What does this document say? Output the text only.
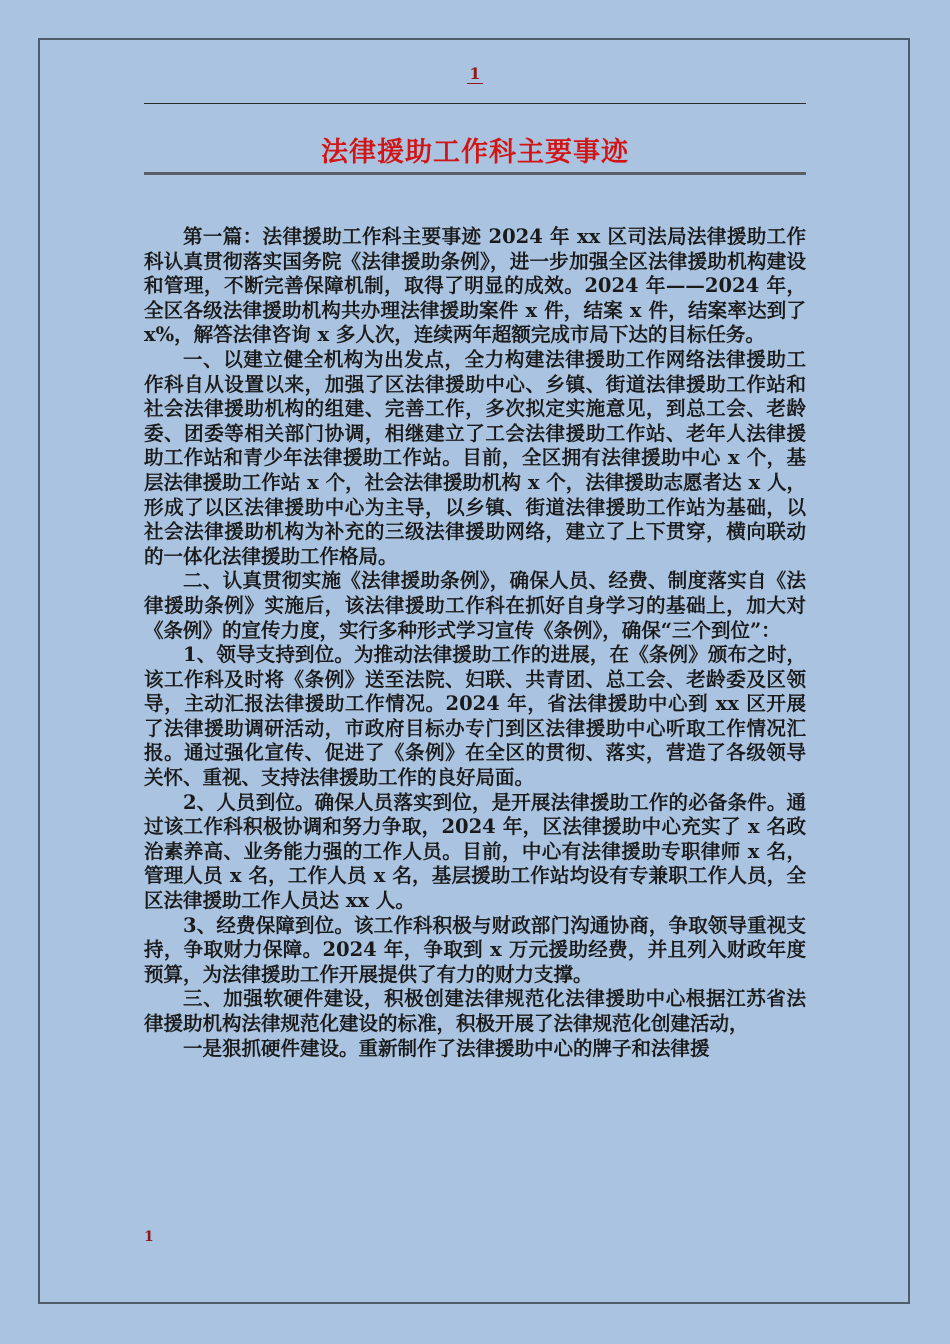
1
法律援助工作科主要事迹

第一篇：法律援助工作科主要事迹 2024 年 xx 区司法局法律援助工作科认真贯彻落实国务院《法律援助条例》，进一步加强全区法律援助机构建设和管理，不断完善保障机制，取得了明显的成效。2024 年——2024 年，全区各级法律援助机构共办理法律援助案件 x 件，结案 x 件，结案率达到了 x%，解答法律咨询 x 多人次，连续两年超额完成市局下达的目标任务。

一、以建立健全机构为出发点，全力构建法律援助工作网络法律援助工作科自从设置以来，加强了区法律援助中心、乡镇、街道法律援助工作站和社会法律援助机构的组建、完善工作，多次拟定实施意见，到总工会、老龄委、团委等相关部门协调，相继建立了工会法律援助工作站、老年人法律援助工作站和青少年法律援助工作站。目前，全区拥有法律援助中心 x 个，基层法律援助工作站 x 个，社会法律援助机构 x 个，法律援助志愿者达 x 人，形成了以区法律援助中心为主导，以乡镇、街道法律援助工作站为基础，以社会法律援助机构为补充的三级法律援助网络，建立了上下贯穿，横向联动的一体化法律援助工作格局。

二、认真贯彻实施《法律援助条例》，确保人员、经费、制度落实自《法律援助条例》实施后，该法律援助工作科在抓好自身学习的基础上，加大对《条例》的宣传力度，实行多种形式学习宣传《条例》，确保“三个到位”：

1、领导支持到位。为推动法律援助工作的进展，在《条例》颁布之时，该工作科及时将《条例》送至法院、妇联、共青团、总工会、老龄委及区领导，主动汇报法律援助工作情况。2024 年，省法律援助中心到 xx 区开展了法律援助调研活动，市政府目标办专门到区法律援助中心听取工作情况汇报。通过强化宣传、促进了《条例》在全区的贯彻、落实，营造了各级领导关怀、重视、支持法律援助工作的良好局面。

2、人员到位。确保人员落实到位，是开展法律援助工作的必备条件。通过该工作科积极协调和努力争取，2024 年，区法律援助中心充实了 x 名政治素养高、业务能力强的工作人员。目前，中心有法律援助专职律师 x 名，管理人员 x 名，工作人员 x 名，基层援助工作站均设有专兼职工作人员，全区法律援助工作人员达 xx 人。

3、经费保障到位。该工作科积极与财政部门沟通协商，争取领导重视支持，争取财力保障。2024 年，争取到 x 万元援助经费，并且列入财政年度预算，为法律援助工作开展提供了有力的财力支撑。

三、加强软硬件建设，积极创建法律规范化法律援助中心根据江苏省法律援助机构法律规范化建设的标准，积极开展了法律规范化创建活动，

一是狠抓硬件建设。重新制作了法律援助中心的牌子和法律援

1
